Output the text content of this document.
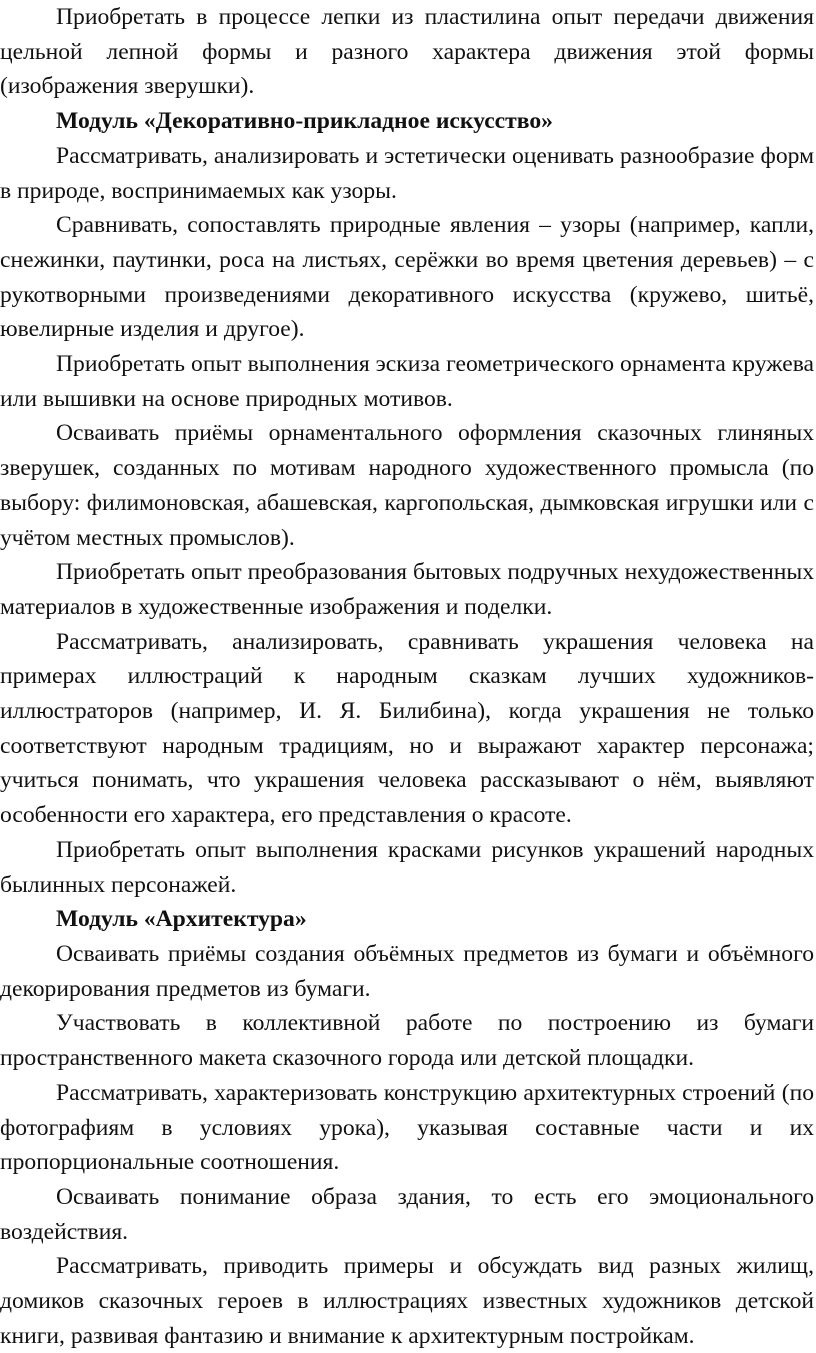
Приобретать в процессе лепки из пластилина опыт передачи движения цельной лепной формы и разного характера движения этой формы (изображения зверушки).

Модуль «Декоративно-прикладное искусство»

Рассматривать, анализировать и эстетически оценивать разнообразие форм в природе, воспринимаемых как узоры.

Сравнивать, сопоставлять природные явления – узоры (например, капли, снежинки, паутинки, роса на листьях, серёжки во время цветения деревьев) – с рукотворными произведениями декоративного искусства (кружево, шитьё, ювелирные изделия и другое).

Приобретать опыт выполнения эскиза геометрического орнамента кружева или вышивки на основе природных мотивов.

Осваивать приёмы орнаментального оформления сказочных глиняных зверушек, созданных по мотивам народного художественного промысла (по выбору: филимоновская, абашевская, каргопольская, дымковская игрушки или с учётом местных промыслов).

Приобретать опыт преобразования бытовых подручных нехудожественных материалов в художественные изображения и поделки.

Рассматривать, анализировать, сравнивать украшения человека на примерах иллюстраций к народным сказкам лучших художников-иллюстраторов (например, И. Я. Билибина), когда украшения не только соответствуют народным традициям, но и выражают характер персонажа; учиться понимать, что украшения человека рассказывают о нём, выявляют особенности его характера, его представления о красоте.

Приобретать опыт выполнения красками рисунков украшений народных былинных персонажей.

Модуль «Архитектура»

Осваивать приёмы создания объёмных предметов из бумаги и объёмного декорирования предметов из бумаги.

Участвовать в коллективной работе по построению из бумаги пространственного макета сказочного города или детской площадки.

Рассматривать, характеризовать конструкцию архитектурных строений (по фотографиям в условиях урока), указывая составные части и их пропорциональные соотношения.

Осваивать понимание образа здания, то есть его эмоционального воздействия.

Рассматривать, приводить примеры и обсуждать вид разных жилищ, домиков сказочных героев в иллюстрациях известных художников детской книги, развивая фантазию и внимание к архитектурным постройкам.
